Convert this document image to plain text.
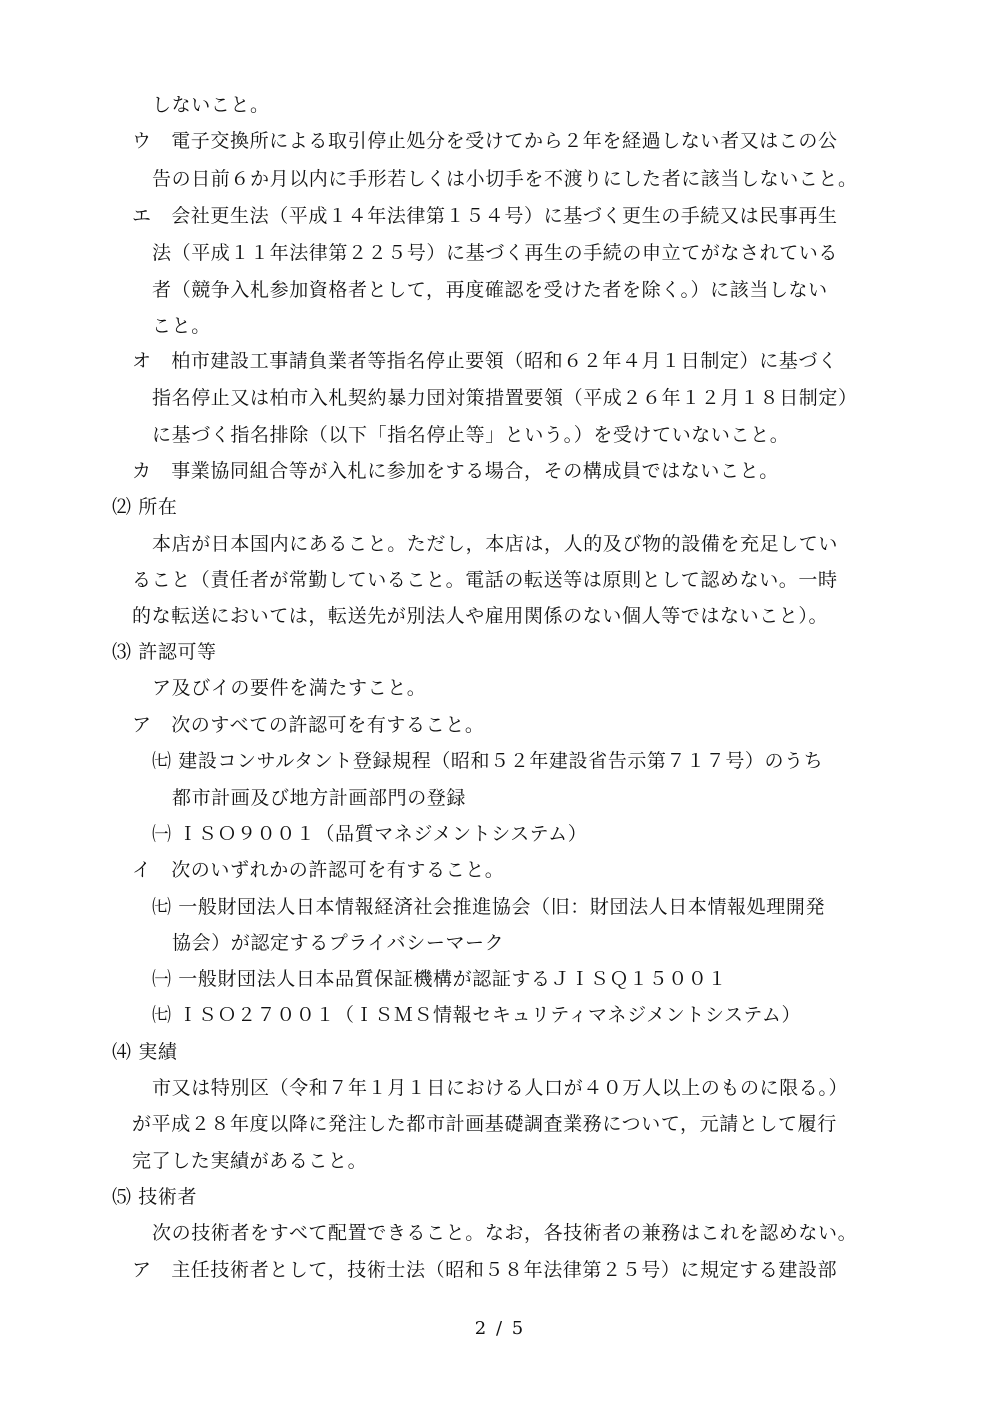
しないこと。
ウ　電子交換所による取引停止処分を受けてから２年を経過しない者又はこの公
告の日前６か月以内に手形若しくは小切手を不渡りにした者に該当しないこと。
エ　会社更生法（平成１４年法律第１５４号）に基づく更生の手続又は民事再生
法（平成１１年法律第２２５号）に基づく再生の手続の申立てがなされている
者（競争入札参加資格者として，再度確認を受けた者を除く。）に該当しない
こと。
オ　柏市建設工事請負業者等指名停止要領（昭和６２年４月１日制定）に基づく
指名停止又は柏市入札契約暴力団対策措置要領（平成２６年１２月１８日制定）
に基づく指名排除（以下「指名停止等」という。）を受けていないこと。
カ　事業協同組合等が入札に参加をする場合，その構成員ではないこと。
⑵ 所在
本店が日本国内にあること。ただし，本店は，人的及び物的設備を充足してい
ること（責任者が常勤していること。電話の転送等は原則として認めない。一時
的な転送においては，転送先が別法人や雇用関係のない個人等ではないこと）。
⑶ 許認可等
ア及びイの要件を満たすこと。
ア　次のすべての許認可を有すること。
㈦ 建設コンサルタント登録規程（昭和５２年建設省告示第７１７号）のうち
都市計画及び地方計画部門の登録
㈠ ＩＳＯ９００１（品質マネジメントシステム）
イ　次のいずれかの許認可を有すること。
㈦ 一般財団法人日本情報経済社会推進協会（旧：財団法人日本情報処理開発
協会）が認定するプライバシーマーク
㈠ 一般財団法人日本品質保証機構が認証するＪＩＳＱ１５００１
㈦ ＩＳＯ２７００１（ＩＳＭＳ情報セキュリティマネジメントシステム）
⑷ 実績
市又は特別区（令和７年１月１日における人口が４０万人以上のものに限る。）
が平成２８年度以降に発注した都市計画基礎調査業務について，元請として履行
完了した実績があること。
⑸ 技術者
次の技術者をすべて配置できること。なお，各技術者の兼務はこれを認めない。
ア　主任技術者として，技術士法（昭和５８年法律第２５号）に規定する建設部
2 / 5
